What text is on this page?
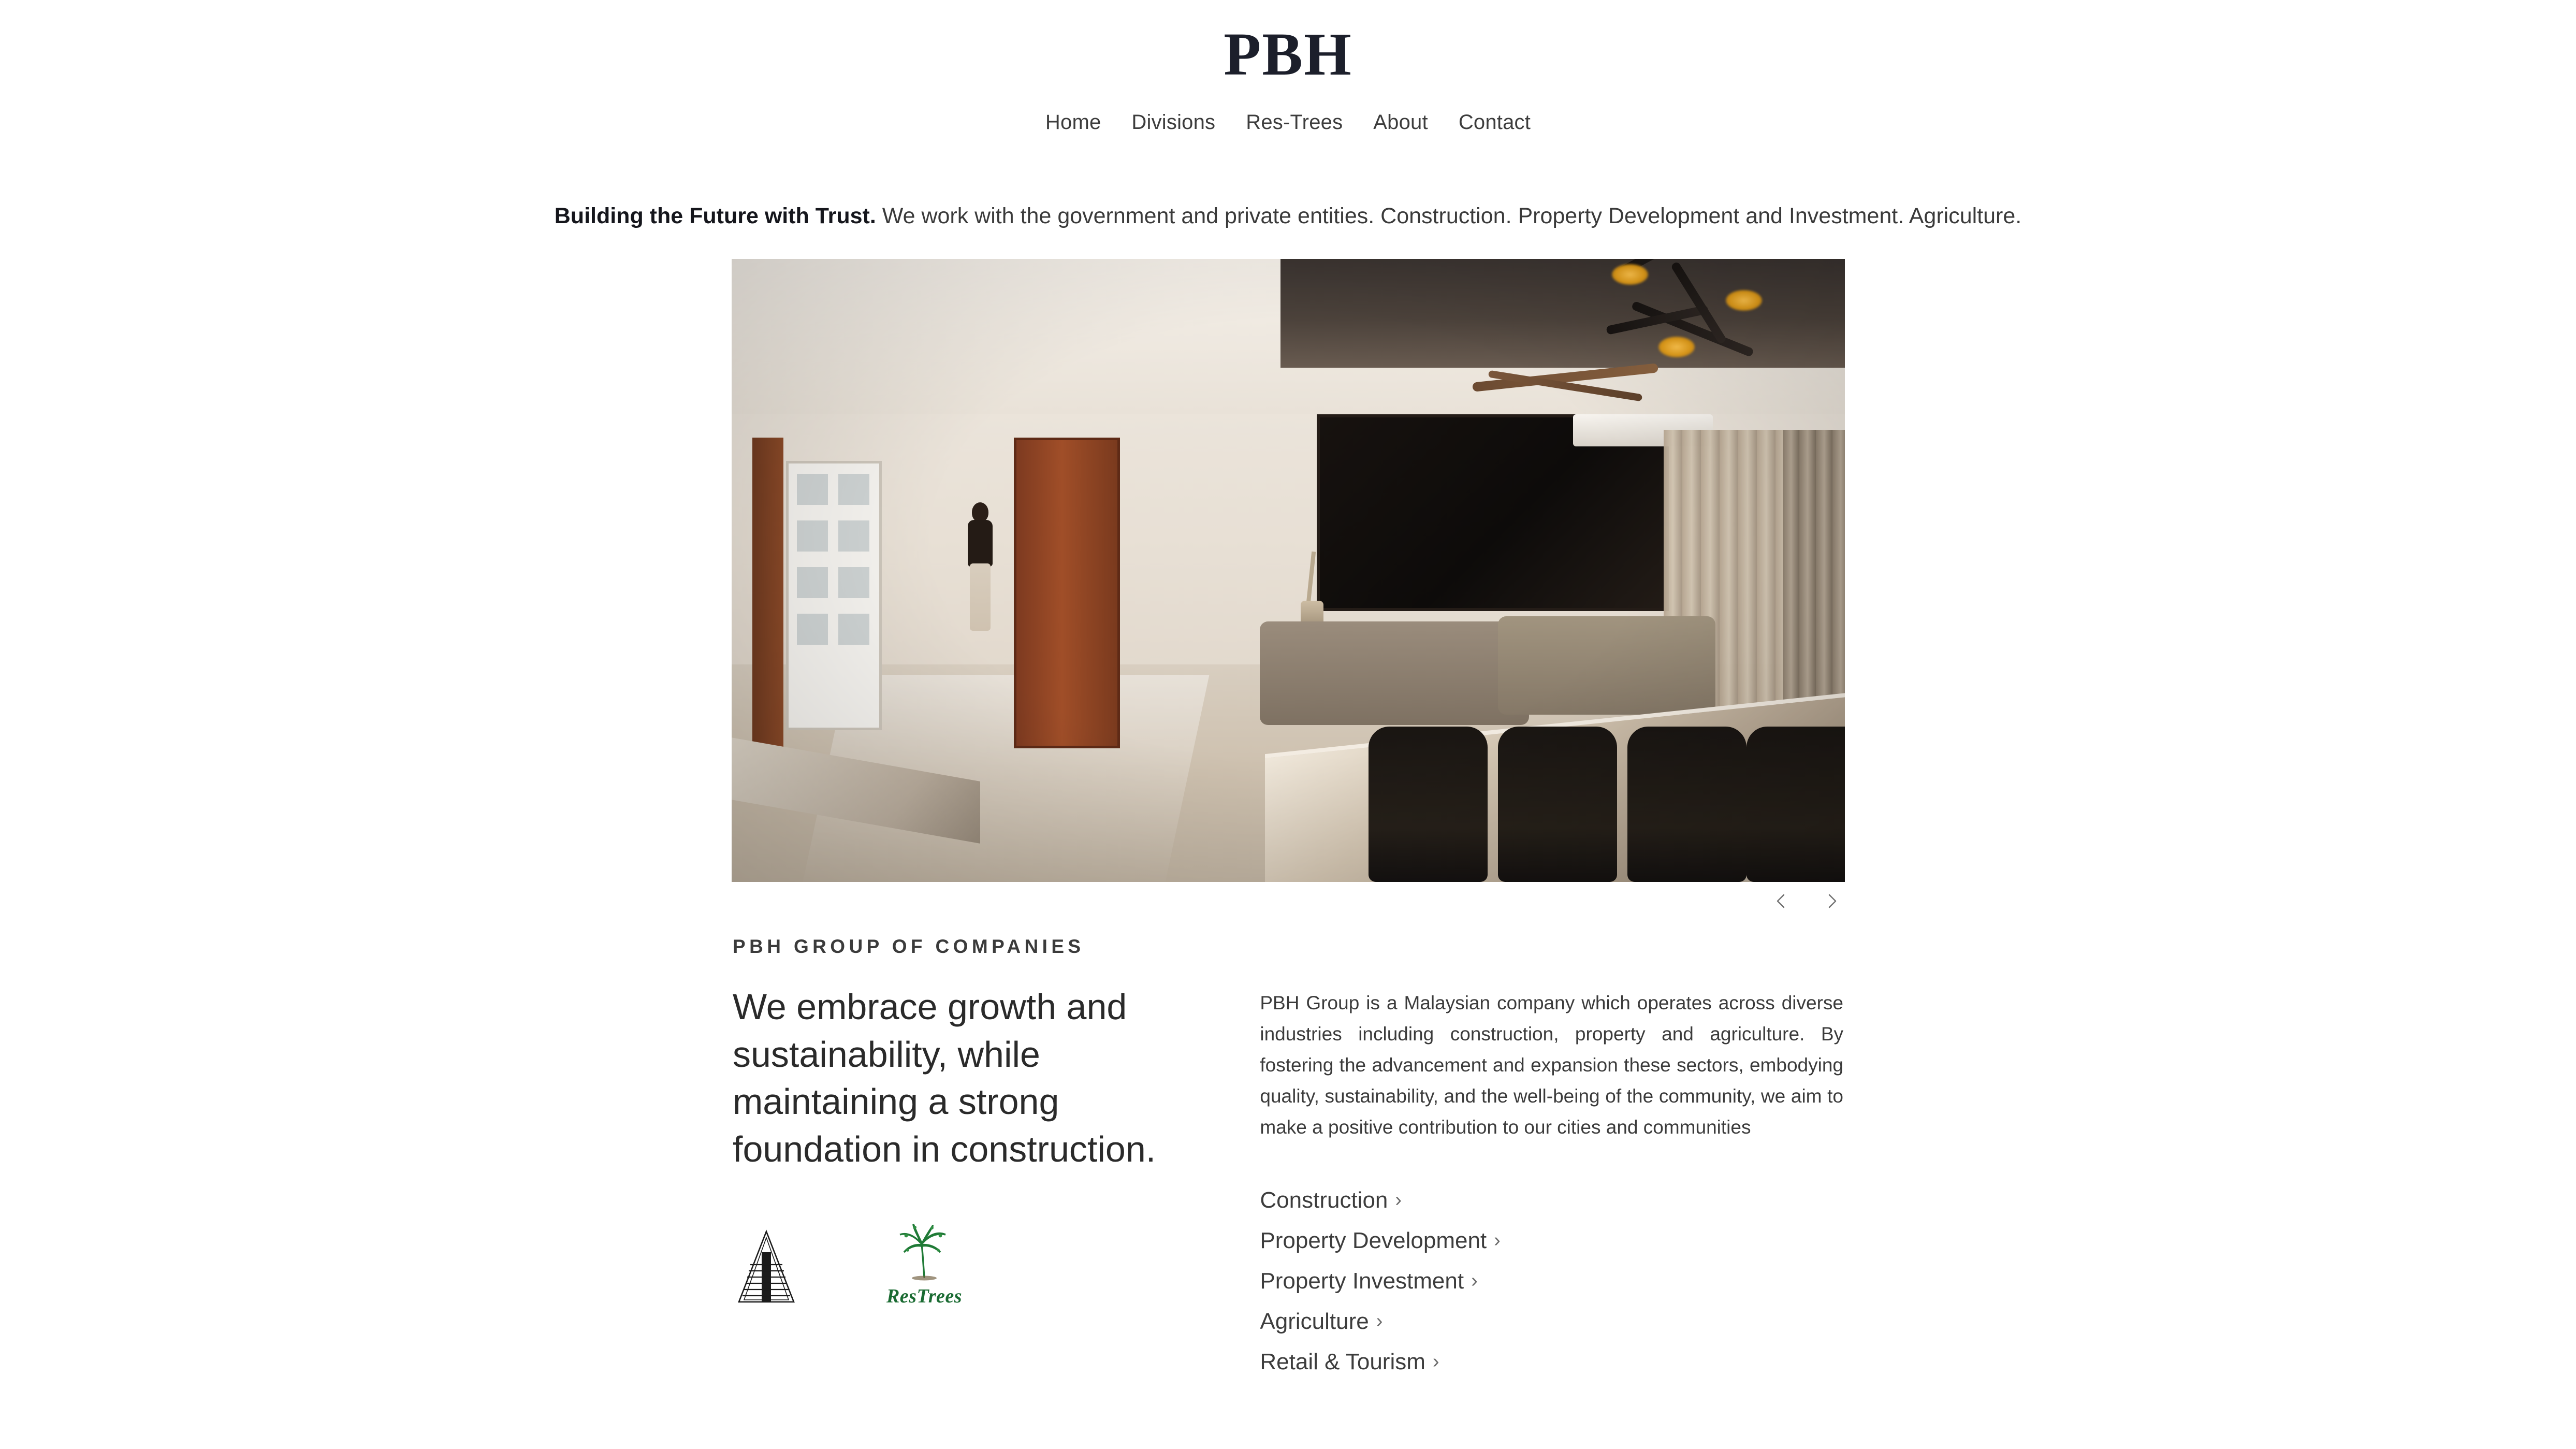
PBH
Home Divisions Res-Trees About Contact
Building the Future with Trust. We work with the government and private entities. Construction. Property Development and Investment. Agriculture.
PBH GROUP OF COMPANIES
We embrace growth and sustainability, while maintaining a strong foundation in construction.
ResTrees

PBH Group is a Malaysian company which operates across diverse industries including construction, property and agriculture. By fostering the advancement and expansion these sectors, embodying quality, sustainability, and the well-being of the community, we aim to make a positive contribution to our cities and communities

Construction ›
Property Development ›
Property Investment ›
Agriculture ›
Retail & Tourism ›
